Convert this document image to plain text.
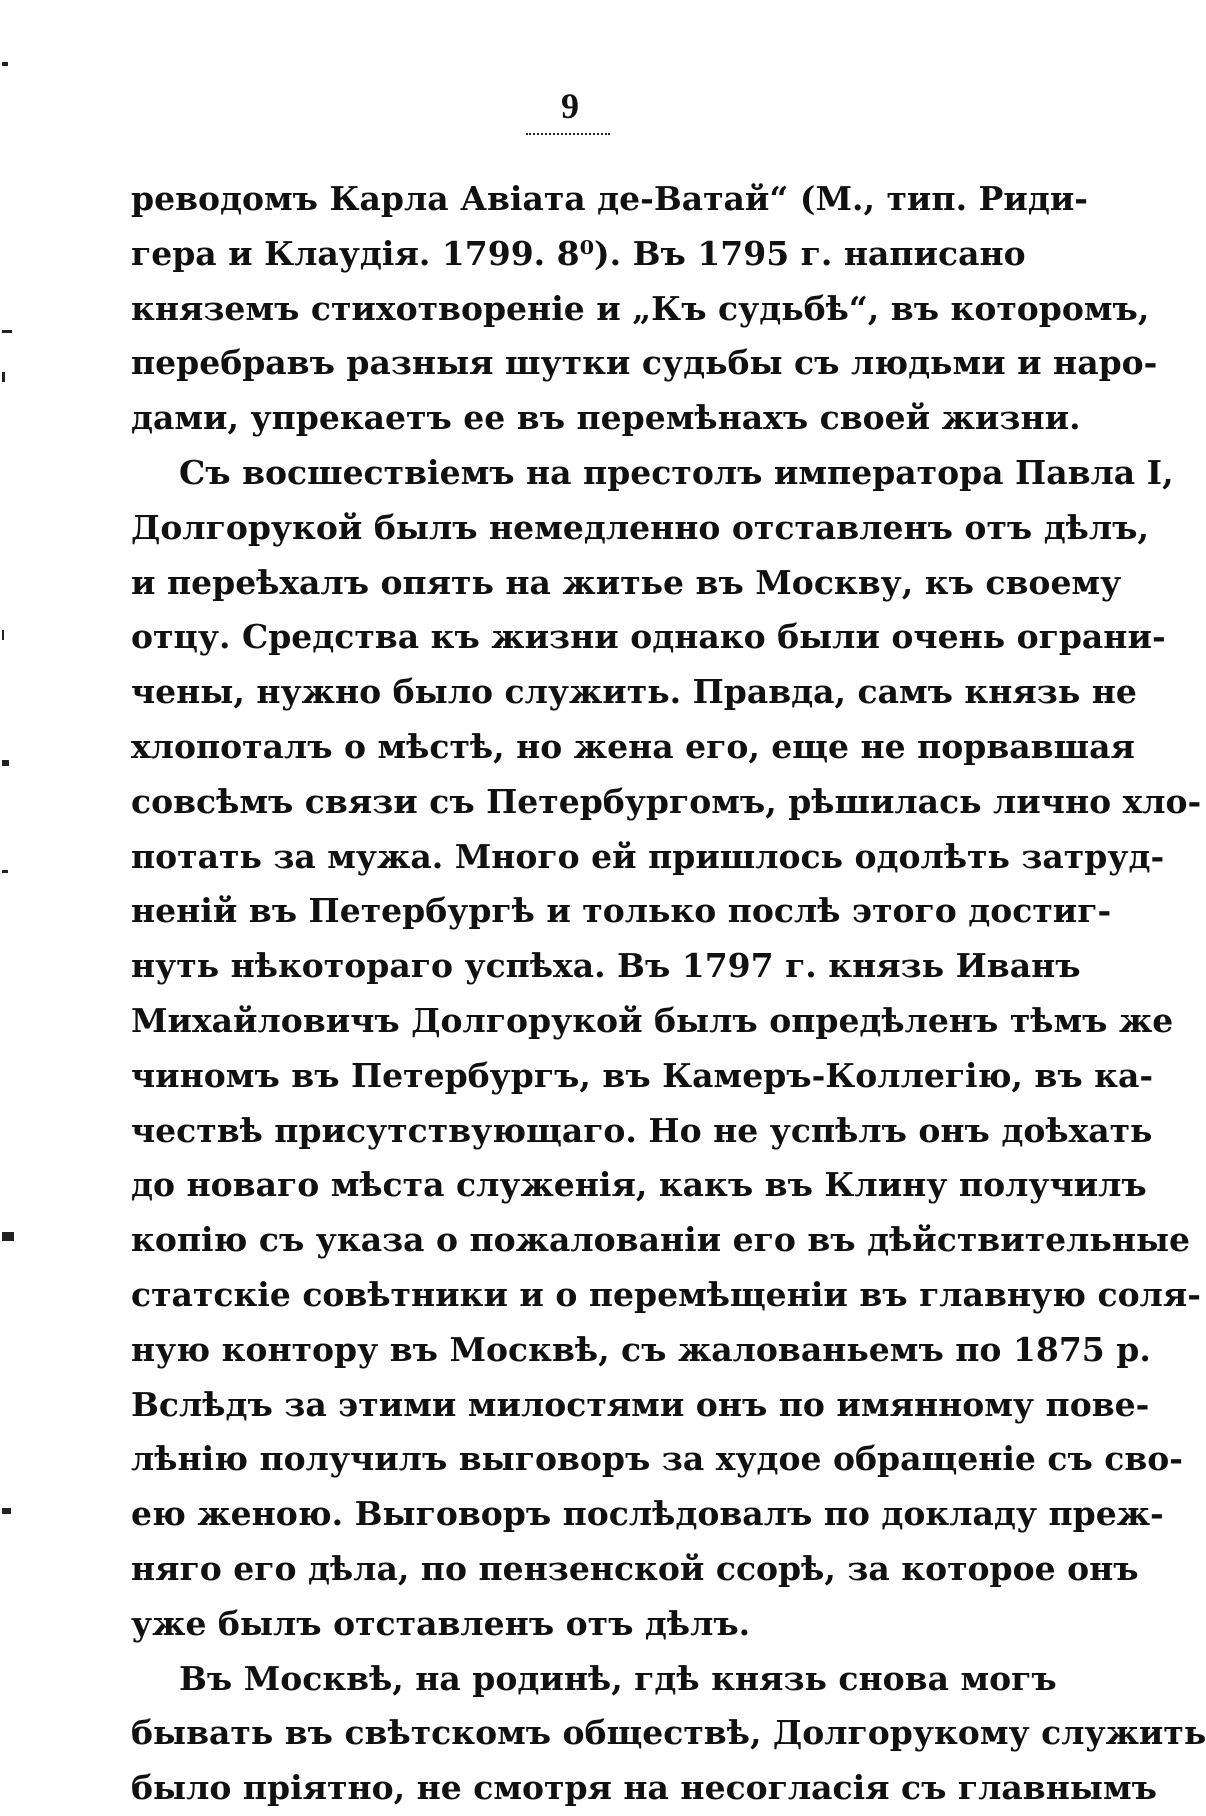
9
реводомъ Карла Авіата де-Ватай“ (М., тип. Риди-
гера и Клаудія. 1799. 8⁰). Въ 1795 г. написано
княземъ стихотвореніе и „Къ судьбѣ“, въ которомъ,
перебравъ разныя шутки судьбы съ людьми и наро-
дами, упрекаетъ ее въ перемѣнахъ своей жизни.
Съ восшествіемъ на престолъ императора Павла I,
Долгорукой былъ немедленно отставленъ отъ дѣлъ,
и переѣхалъ опять на житье въ Москву, къ своему
отцу. Средства къ жизни однако были очень ограни-
чены, нужно было служить. Правда, самъ князь не
хлопоталъ о мѣстѣ, но жена его, еще не порвавшая
совсѣмъ связи съ Петербургомъ, рѣшилась лично хло-
потать за мужа. Много ей пришлось одолѣть затруд-
неній въ Петербургѣ и только послѣ этого достиг-
нуть нѣкотораго успѣха. Въ 1797 г. князь Иванъ
Михайловичъ Долгорукой былъ опредѣленъ тѣмъ же
чиномъ въ Петербургъ, въ Камеръ-Коллегію, въ ка-
чествѣ присутствующаго. Но не успѣлъ онъ доѣхать
до новаго мѣста служенія, какъ въ Клину получилъ
копію съ указа о пожалованіи его въ дѣйствительные
статскіе совѣтники и о перемѣщеніи въ главную соля-
ную контору въ Москвѣ, съ жалованьемъ по 1875 р.
Вслѣдъ за этими милостями онъ по имянному пове-
лѣнію получилъ выговоръ за худое обращеніе съ сво-
ею женою. Выговоръ послѣдовалъ по докладу преж-
няго его дѣла, по пензенской ссорѣ, за которое онъ
уже былъ отставленъ отъ дѣлъ.
Въ Москвѣ, на родинѣ, гдѣ князь снова могъ
бывать въ свѣтскомъ обществѣ, Долгорукому служить
было пріятно, не смотря на несогласія съ главнымъ
